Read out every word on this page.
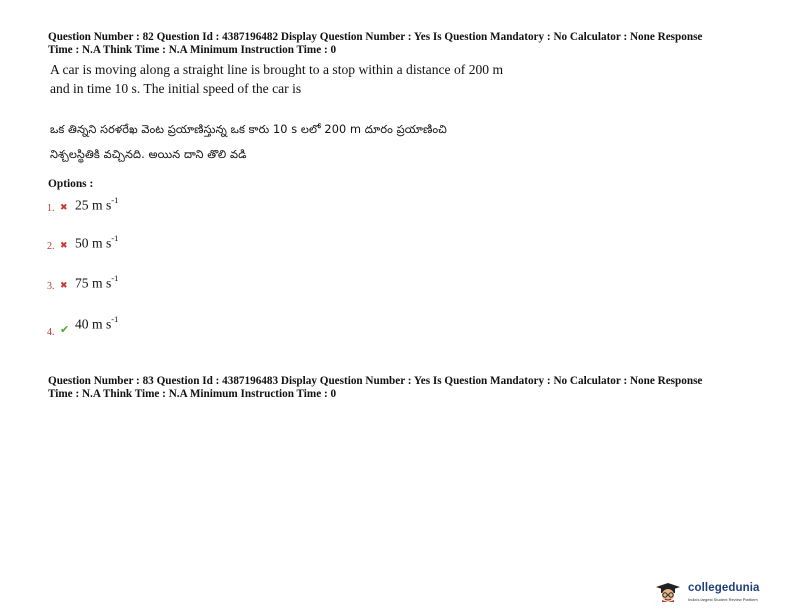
Question Number : 82 Question Id : 4387196482 Display Question Number : Yes Is Question Mandatory : No Calculator : None Response
Time : N.A Think Time : N.A Minimum Instruction Time : 0
A car is moving along a straight line is brought to a stop within a distance of 200 m
and in time 10 s. The initial speed of the car is
ఒక తిన్నని సరళరేఖ వెంట ప్రయాణిస్తున్న ఒక కారు 10 s లలో 200 m దూరం ప్రయాణించి
నిశ్చలస్థితికి వచ్చినది. అయిన దాని తొలి వడి
Options :
1. ✖ 25 m $s^{-1}$
2. ✖ 50 m $s^{-1}$
3. ✖ 75 m $s^{-1}$
4. ✔ 40 m $s^{-1}$
Question Number : 83 Question Id : 4387196483 Display Question Number : Yes Is Question Mandatory : No Calculator : None Response
Time : N.A Think Time : N.A Minimum Instruction Time : 0
collegedunia
India's largest Student Review Platform
